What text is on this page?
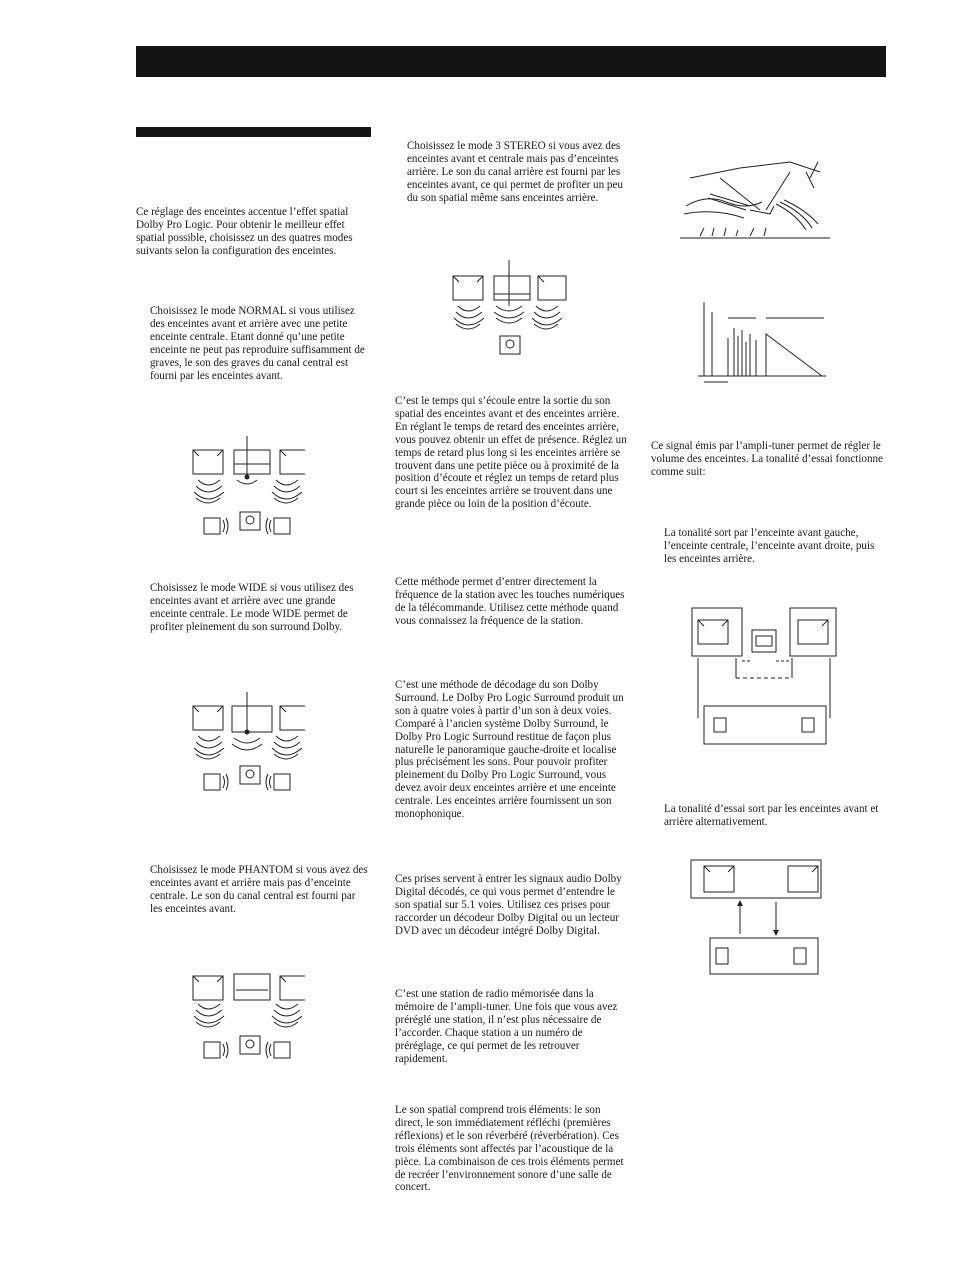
Ce réglage des enceintes accentue l’effet spatial Dolby Pro Logic. Pour obtenir le meilleur effet spatial possible, choisissez un des quatres modes suivants selon la configuration des enceintes.

Choisissez le mode NORMAL si vous utilisez des enceintes avant et arrière avec une petite enceinte centrale. Etant donné qu’une petite enceinte ne peut pas reproduire suffisamment de graves, le son des graves du canal central est fourni par les enceintes avant.

Choisissez le mode WIDE si vous utilisez des enceintes avant et arrière avec une grande enceinte centrale. Le mode WIDE permet de profiter pleinement du son surround Dolby.

Choisissez le mode PHANTOM si vous avez des enceintes avant et arrière mais pas d’enceinte centrale. Le son du canal central est fourni par les enceintes avant.

Choisissez le mode 3 STEREO si vous avez des enceintes avant et centrale mais pas d’enceintes arrière. Le son du canal arrière est fourni par les enceintes avant, ce qui permet de profiter un peu du son spatial même sans enceintes arrière.

C’est le temps qui s’écoule entre la sortie du son spatial des enceintes avant et des enceintes arrière. En réglant le temps de retard des enceintes arrière, vous pouvez obtenir un effet de présence. Réglez un temps de retard plus long si les enceintes arrière se trouvent dans une petite pièce ou à proximité de la position d’écoute et réglez un temps de retard plus court si les enceintes arrière se trouvent dans une grande pièce ou loin de la position d’écoute.

Cette méthode permet d’entrer directement la fréquence de la station avec les touches numériques de la télécommande. Utilisez cette méthode quand vous connaissez la fréquence de la station.

C’est une méthode de décodage du son Dolby Surround. Le Dolby Pro Logic Surround produit un son à quatre voies à partir d’un son à deux voies. Comparé à l’ancien système Dolby Surround, le Dolby Pro Logic Surround restitue de façon plus naturelle le panoramique gauche-droite et localise plus précisément les sons. Pour pouvoir profiter pleinement du Dolby Pro Logic Surround, vous devez avoir deux enceintes arrière et une enceinte centrale. Les enceintes arrière fournissent un son monophonique.

Ces prises servent à entrer les signaux audio Dolby Digital décodés, ce qui vous permet d’entendre le son spatial sur 5.1 voies. Utilisez ces prises pour raccorder un décodeur Dolby Digital ou un lecteur DVD avec un décodeur intégré Dolby Digital.

C’est une station de radio mémorisée dans la mémoire de l’ampli-tuner. Une fois que vous avez préréglé une station, il n’est plus nécessaire de l’accorder. Chaque station a un numéro de préréglage, ce qui permet de les retrouver rapidement.

Le son spatial comprend trois éléments: le son direct, le son immédiatement réfléchi (premières réflexions) et le son réverbéré (réverbération). Ces trois éléments sont affectés par l’acoustique de la pièce. La combinaison de ces trois éléments permet de recréer l’environnement sonore d’une salle de concert.

Ce signal émis par l’ampli-tuner permet de régler le volume des enceintes. La tonalité d’essai fonctionne comme suit:

La tonalité sort par l’enceinte avant gauche, l’enceinte centrale, l’enceinte avant droite, puis les enceintes arrière.

La tonalité d’essai sort par les enceintes avant et arrière alternativement.
